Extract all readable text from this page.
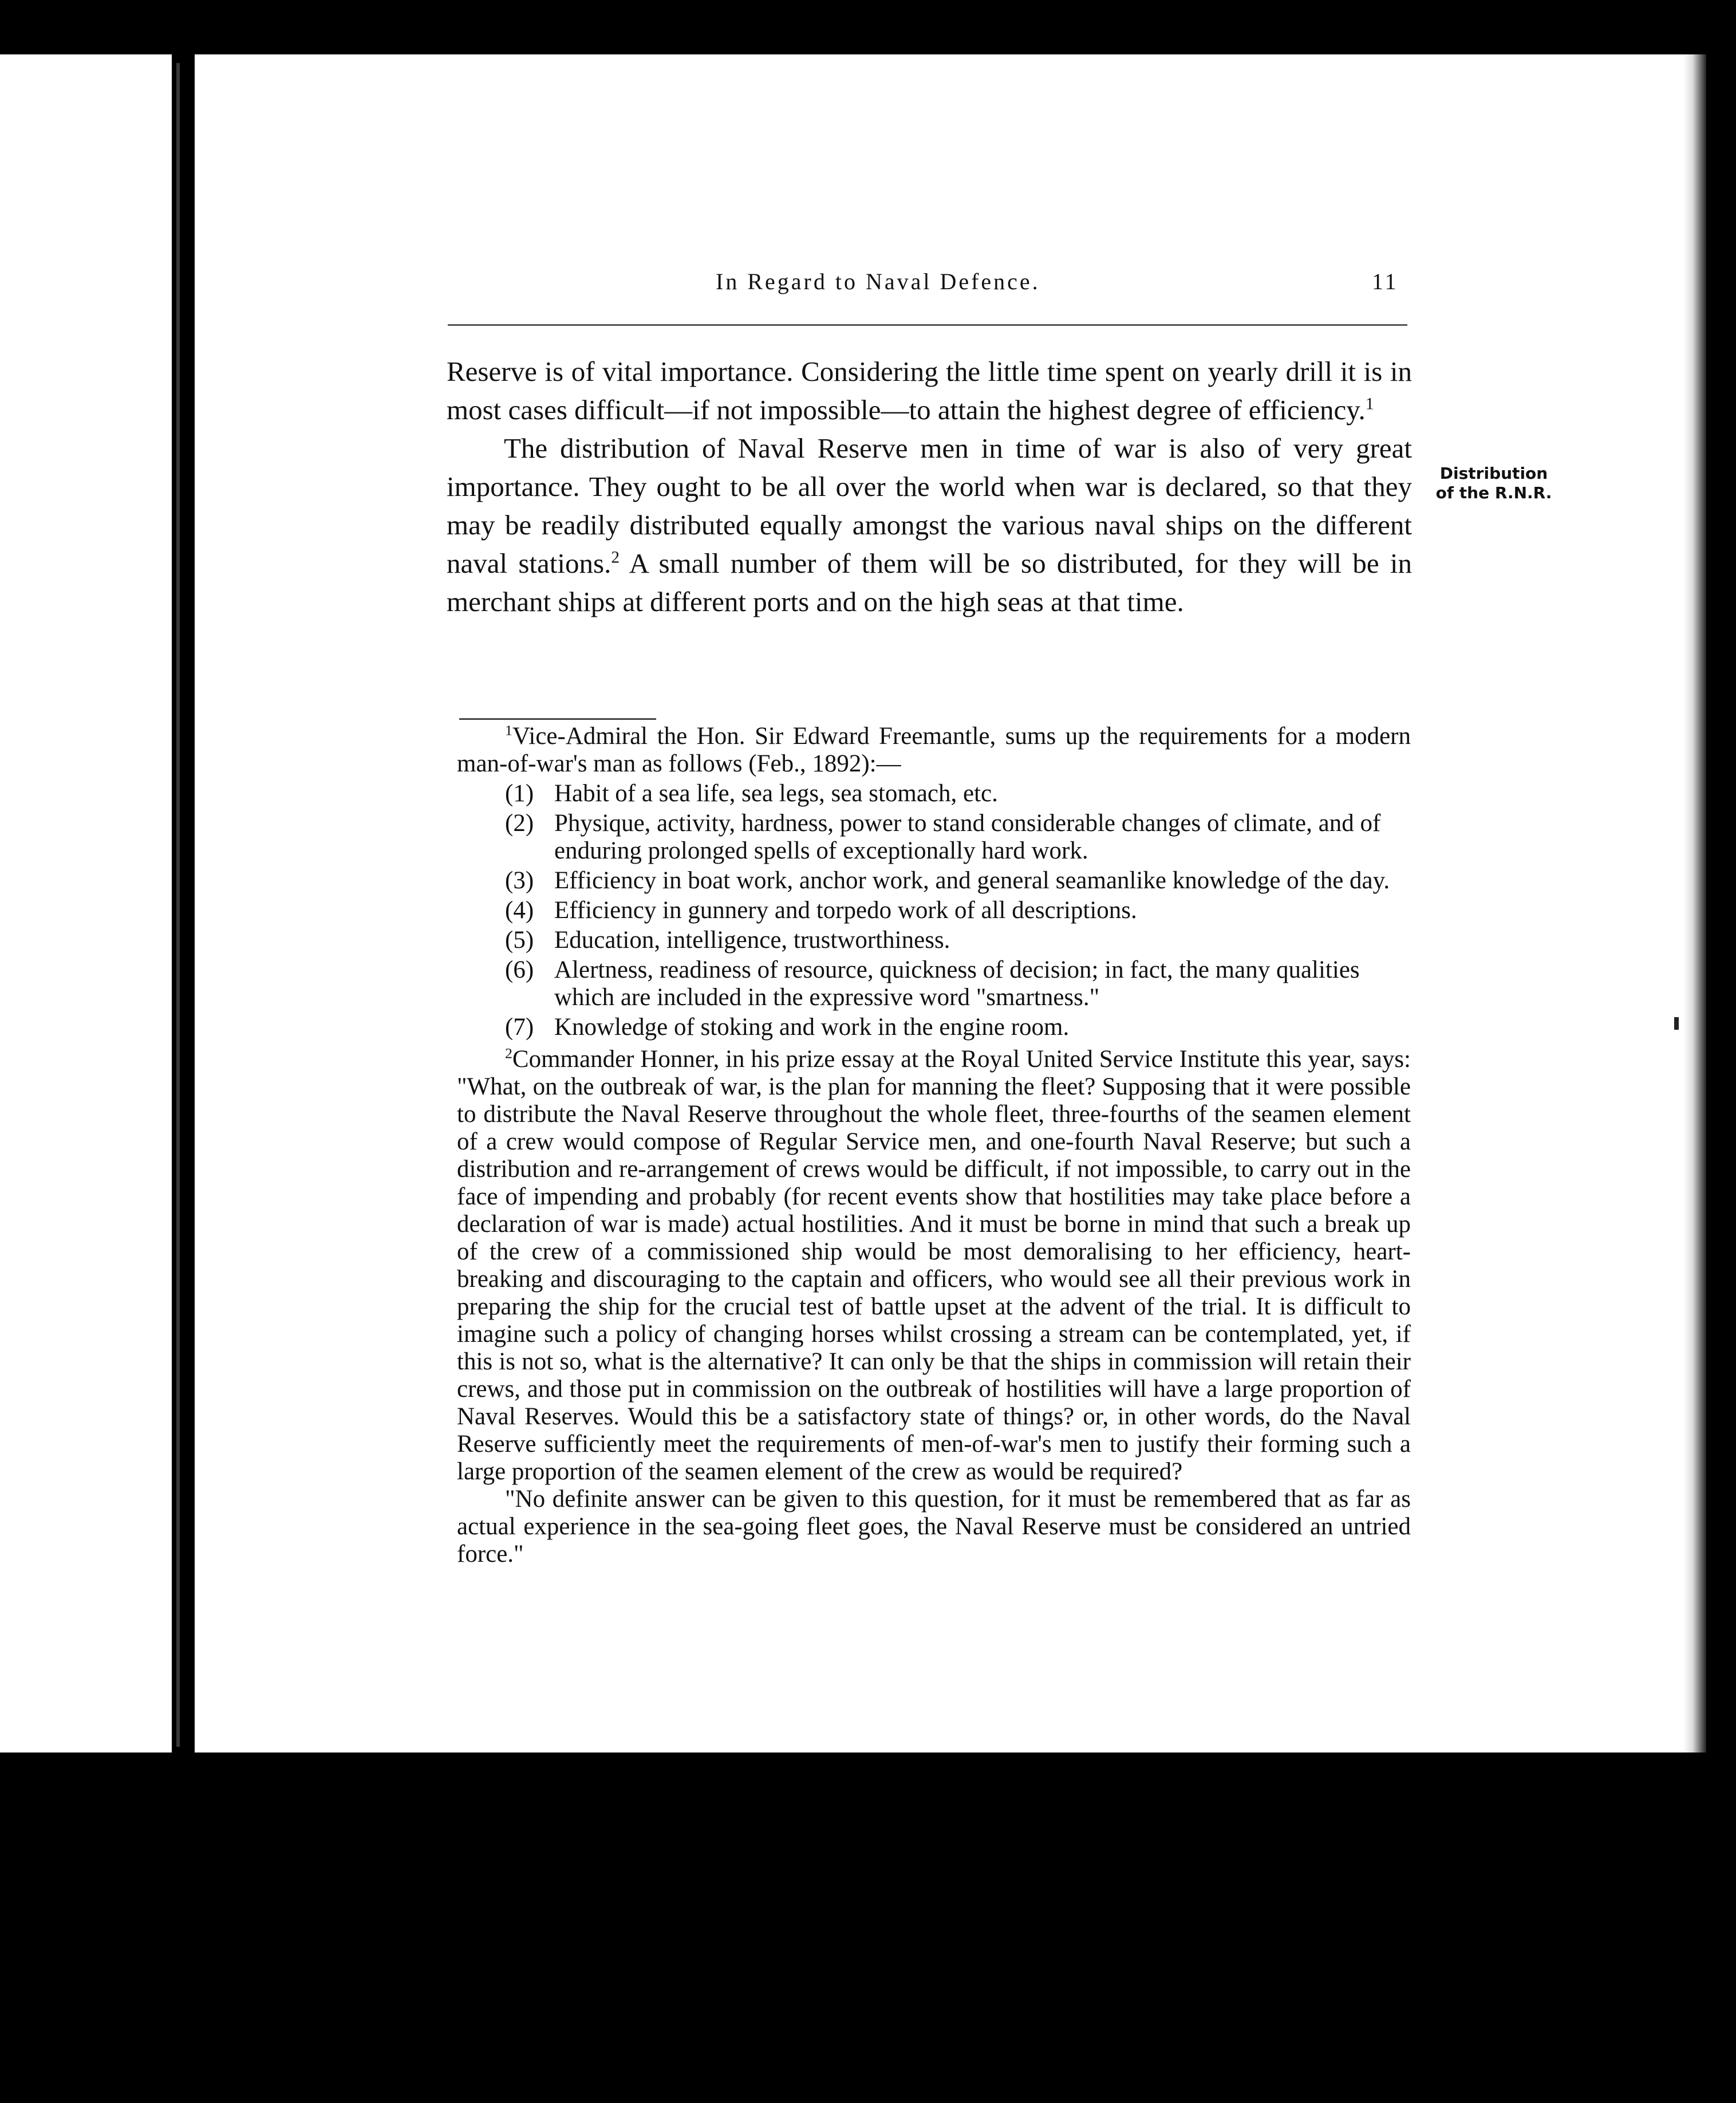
In Regard to Naval Defence.	11

Reserve is of vital importance. Considering the little time spent on yearly drill it is in most cases difficult—if not impossible—to attain the highest degree of efficiency.$^1$

The distribution of Naval Reserve men in time of war is also of very great importance. They ought to be all over the world when war is declared, so that they may be readily distributed equally amongst the various naval ships on the different naval stations.$^2$ A small number of them will be so distributed, for they will be in merchant ships at different ports and on the high seas at that time.

Distribution
of the R.N.R.

$^1$Vice-Admiral the Hon. Sir Edward Freemantle, sums up the requirements for a modern man-of-war's man as follows (Feb., 1892):—

(1) Habit of a sea life, sea legs, sea stomach, etc.
(2) Physique, activity, hardness, power to stand considerable changes of climate, and of enduring prolonged spells of exceptionally hard work.
(3) Efficiency in boat work, anchor work, and general seamanlike knowledge of the day.
(4) Efficiency in gunnery and torpedo work of all descriptions.
(5) Education, intelligence, trustworthiness.
(6) Alertness, readiness of resource, quickness of decision; in fact, the many qualities which are included in the expressive word "smartness."
(7) Knowledge of stoking and work in the engine room.

$^2$Commander Honner, in his prize essay at the Royal United Service Institute this year, says: "What, on the outbreak of war, is the plan for manning the fleet? Supposing that it were possible to distribute the Naval Reserve throughout the whole fleet, three-fourths of the seamen element of a crew would compose of Regular Service men, and one-fourth Naval Reserve; but such a distribution and re-arrangement of crews would be difficult, if not impossible, to carry out in the face of impending and probably (for recent events show that hostilities may take place before a declaration of war is made) actual hostilities. And it must be borne in mind that such a break up of the crew of a commissioned ship would be most demoralising to her efficiency, heart-breaking and discouraging to the captain and officers, who would see all their previous work in preparing the ship for the crucial test of battle upset at the advent of the trial. It is difficult to imagine such a policy of changing horses whilst crossing a stream can be contemplated, yet, if this is not so, what is the alternative? It can only be that the ships in commission will retain their crews, and those put in commission on the outbreak of hostilities will have a large proportion of Naval Reserves. Would this be a satisfactory state of things? or, in other words, do the Naval Reserve sufficiently meet the requirements of men-of-war's men to justify their forming such a large proportion of the seamen element of the crew as would be required?

"No definite answer can be given to this question, for it must be remembered that as far as actual experience in the sea-going fleet goes, the Naval Reserve must be considered an untried force."
